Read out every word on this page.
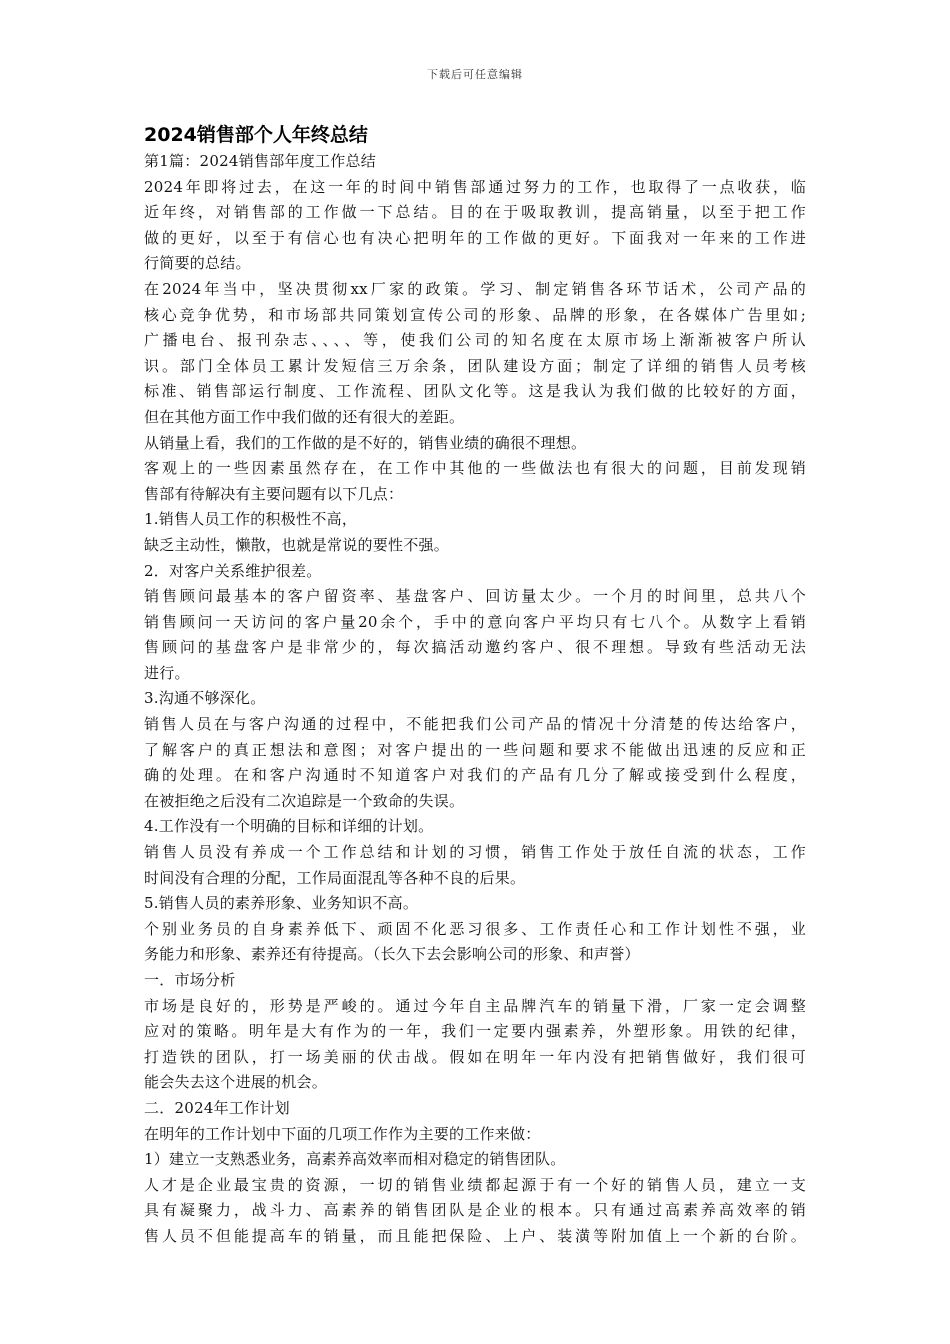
下载后可任意编辑
2024销售部个人年终总结

第1篇：2024销售部年度工作总结

2024年即将过去，在这一年的时间中销售部通过努力的工作，也取得了一点收获，临

近年终，对销售部的工作做一下总结。目的在于吸取教训，提高销量，以至于把工作

做的更好，以至于有信心也有决心把明年的工作做的更好。下面我对一年来的工作进

行简要的总结。

在2024年当中，坚决贯彻xx厂家的政策。学习、制定销售各环节话术，公司产品的

核心竞争优势，和市场部共同策划宣传公司的形象、品牌的形象，在各媒体广告里如;

广播电台、报刊杂志、、、、等，使我们公司的知名度在太原市场上渐渐被客户所认

识。部门全体员工累计发短信三万余条，团队建设方面；制定了详细的销售人员考核

标准、销售部运行制度、工作流程、团队文化等。这是我认为我们做的比较好的方面，

但在其他方面工作中我们做的还有很大的差距。

从销量上看，我们的工作做的是不好的，销售业绩的确很不理想。

客观上的一些因素虽然存在，在工作中其他的一些做法也有很大的问题，目前发现销

售部有待解决有主要问题有以下几点：

1.销售人员工作的积极性不高，

缺乏主动性，懒散，也就是常说的要性不强。

2．对客户关系维护很差。

销售顾问最基本的客户留资率、基盘客户、回访量太少。一个月的时间里，总共八个

销售顾问一天访问的客户量20余个，手中的意向客户平均只有七八个。从数字上看销

售顾问的基盘客户是非常少的，每次搞活动邀约客户、很不理想。导致有些活动无法

进行。

3.沟通不够深化。

销售人员在与客户沟通的过程中，不能把我们公司产品的情况十分清楚的传达给客户，

了解客户的真正想法和意图；对客户提出的一些问题和要求不能做出迅速的反应和正

确的处理。在和客户沟通时不知道客户对我们的产品有几分了解或接受到什么程度，

在被拒绝之后没有二次追踪是一个致命的失误。

4.工作没有一个明确的目标和详细的计划。

销售人员没有养成一个工作总结和计划的习惯，销售工作处于放任自流的状态，工作

时间没有合理的分配，工作局面混乱等各种不良的后果。

5.销售人员的素养形象、业务知识不高。

个别业务员的自身素养低下、顽固不化恶习很多、工作责任心和工作计划性不强，业

务能力和形象、素养还有待提高。（长久下去会影响公司的形象、和声誉）

一．市场分析

市场是良好的，形势是严峻的。通过今年自主品牌汽车的销量下滑，厂家一定会调整

应对的策略。明年是大有作为的一年，我们一定要内强素养，外塑形象。用铁的纪律，

打造铁的团队，打一场美丽的伏击战。假如在明年一年内没有把销售做好，我们很可

能会失去这个进展的机会。

二．2024年工作计划

在明年的工作计划中下面的几项工作作为主要的工作来做：

1）建立一支熟悉业务，高素养高效率而相对稳定的销售团队。

人才是企业最宝贵的资源，一切的销售业绩都起源于有一个好的销售人员，建立一支

具有凝聚力，战斗力、高素养的销售团队是企业的根本。只有通过高素养高效率的销

售人员不但能提高车的销量，而且能把保险、上户、装潢等附加值上一个新的台阶。
